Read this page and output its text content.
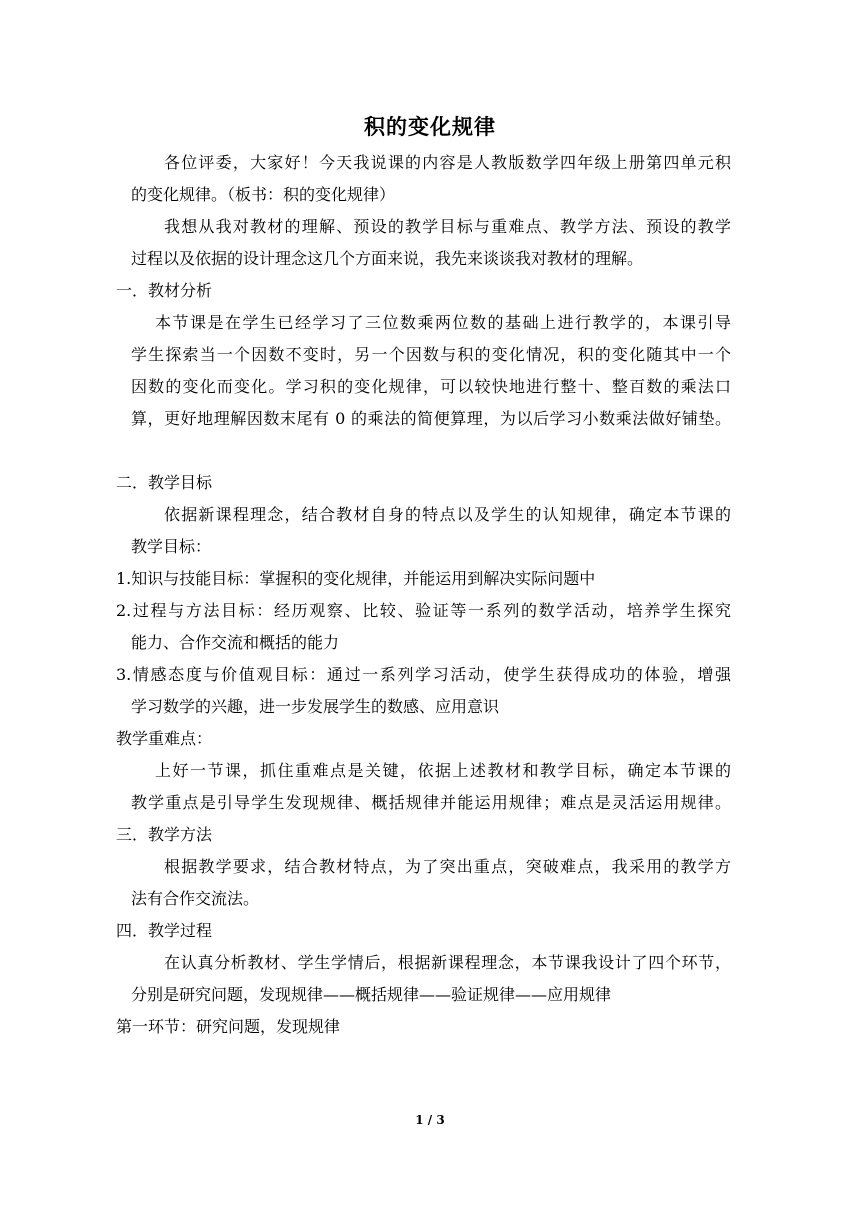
积的变化规律
各位评委，大家好！今天我说课的内容是人教版数学四年级上册第四单元积
的变化规律。（板书：积的变化规律）
我想从我对教材的理解、预设的教学目标与重难点、教学方法、预设的教学
过程以及依据的设计理念这几个方面来说，我先来谈谈我对教材的理解。
一．教材分析
本节课是在学生已经学习了三位数乘两位数的基础上进行教学的，本课引导
学生探索当一个因数不变时，另一个因数与积的变化情况，积的变化随其中一个
因数的变化而变化。学习积的变化规律，可以较快地进行整十、整百数的乘法口
算，更好地理解因数末尾有 0 的乘法的简便算理，为以后学习小数乘法做好铺垫。
二．教学目标
依据新课程理念，结合教材自身的特点以及学生的认知规律，确定本节课的
教学目标：
1.知识与技能目标：掌握积的变化规律，并能运用到解决实际问题中
2.过程与方法目标：经历观察、比较、验证等一系列的数学活动，培养学生探究
能力、合作交流和概括的能力
3.情感态度与价值观目标：通过一系列学习活动，使学生获得成功的体验，增强
学习数学的兴趣，进一步发展学生的数感、应用意识
教学重难点：
上好一节课，抓住重难点是关键，依据上述教材和教学目标，确定本节课的
教学重点是引导学生发现规律、概括规律并能运用规律；难点是灵活运用规律。
三．教学方法
根据教学要求，结合教材特点，为了突出重点，突破难点，我采用的教学方
法有合作交流法。
四．教学过程
在认真分析教材、学生学情后，根据新课程理念，本节课我设计了四个环节，
分别是研究问题，发现规律——概括规律——验证规律——应用规律
第一环节：研究问题，发现规律
1 / 3
